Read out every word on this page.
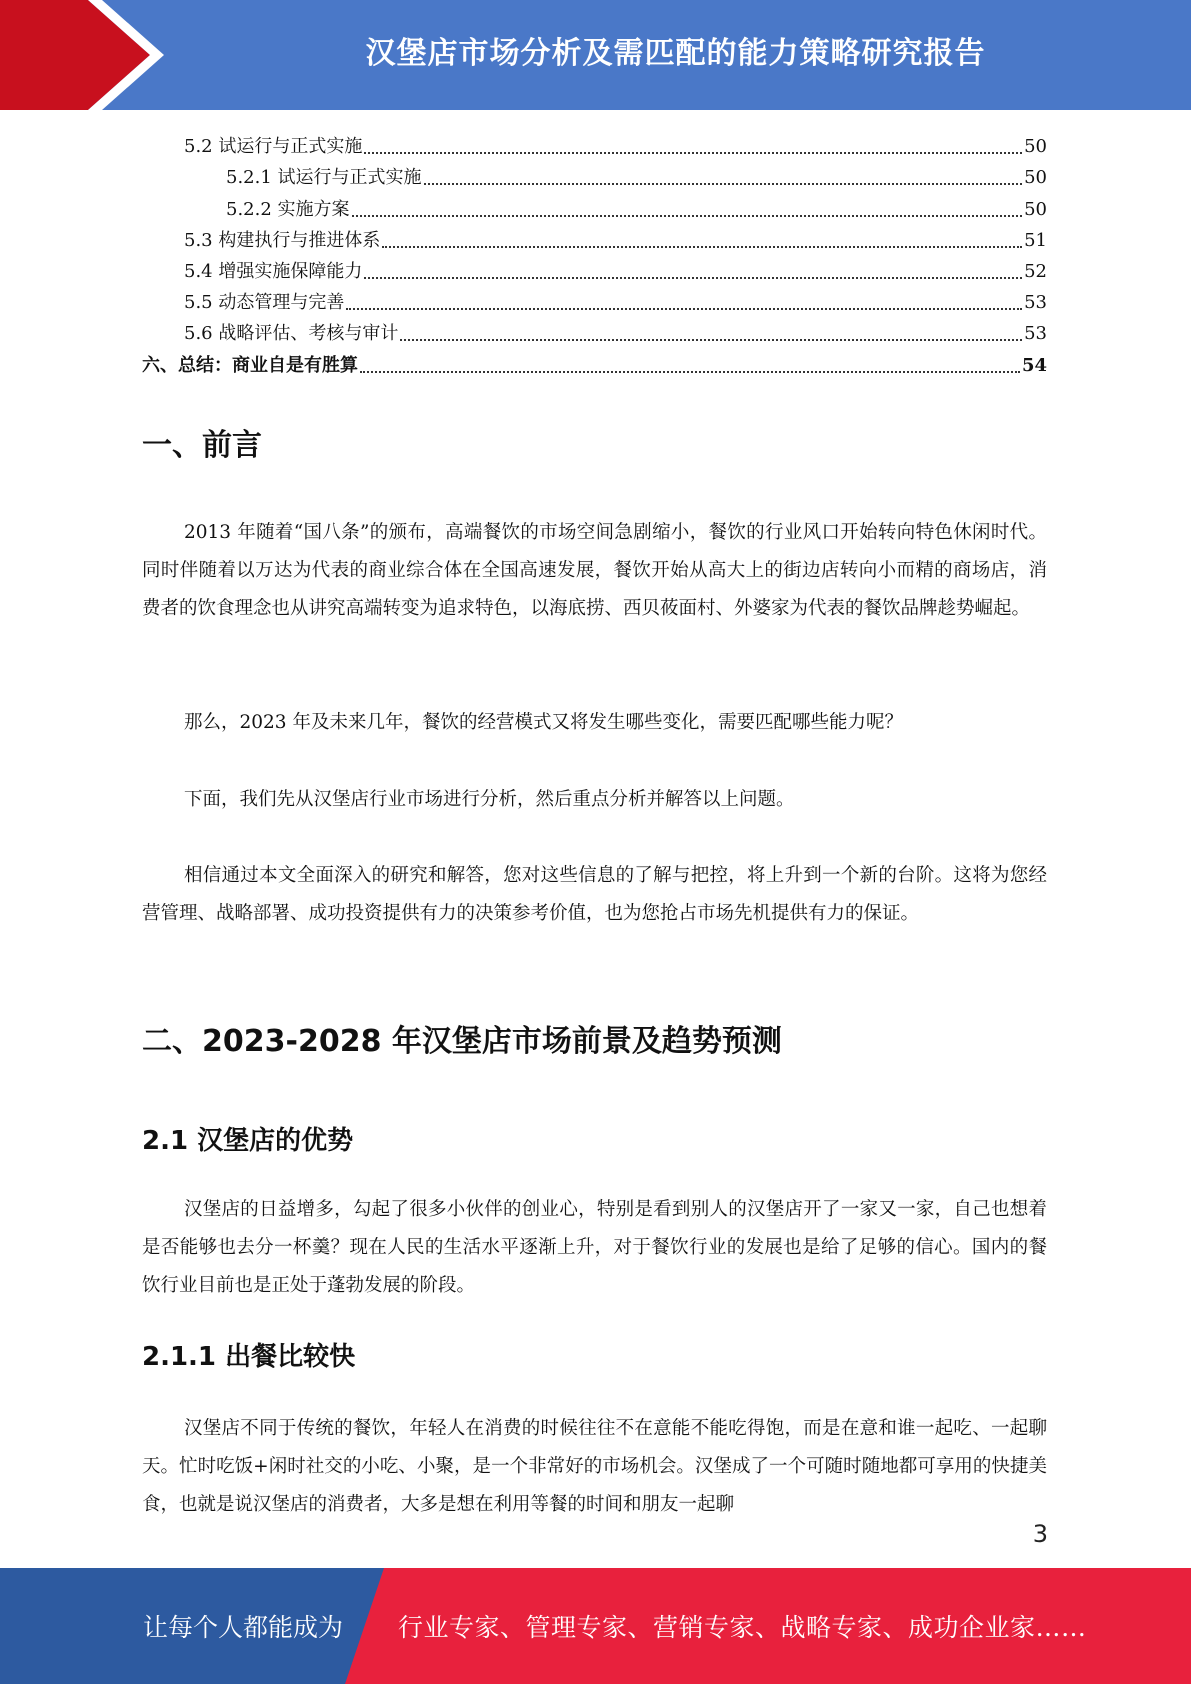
汉堡店市场分析及需匹配的能力策略研究报告
5.2 试运行与正式实施	50
5.2.1 试运行与正式实施	50
5.2.2 实施方案	50
5.3 构建执行与推进体系	51
5.4 增强实施保障能力	52
5.5 动态管理与完善	53
5.6 战略评估、考核与审计	53
六、总结：商业自是有胜算	54
一、前言

2013 年随着“国八条”的颁布，高端餐饮的市场空间急剧缩小，餐饮的行业风口开始转向特色休闲时代。同时伴随着以万达为代表的商业综合体在全国高速发展，餐饮开始从高大上的街边店转向小而精的商场店，消费者的饮食理念也从讲究高端转变为追求特色，以海底捞、西贝莜面村、外婆家为代表的餐饮品牌趁势崛起。

那么，2023 年及未来几年，餐饮的经营模式又将发生哪些变化，需要匹配哪些能力呢？

下面，我们先从汉堡店行业市场进行分析，然后重点分析并解答以上问题。

相信通过本文全面深入的研究和解答，您对这些信息的了解与把控，将上升到一个新的台阶。这将为您经营管理、战略部署、成功投资提供有力的决策参考价值，也为您抢占市场先机提供有力的保证。

二、2023-2028 年汉堡店市场前景及趋势预测
2.1 汉堡店的优势

汉堡店的日益增多，勾起了很多小伙伴的创业心，特别是看到别人的汉堡店开了一家又一家，自己也想着是否能够也去分一杯羹？现在人民的生活水平逐渐上升，对于餐饮行业的发展也是给了足够的信心。国内的餐饮行业目前也是正处于蓬勃发展的阶段。

2.1.1 出餐比较快

汉堡店不同于传统的餐饮，年轻人在消费的时候往往不在意能不能吃得饱，而是在意和谁一起吃、一起聊天。忙时吃饭+闲时社交的小吃、小聚，是一个非常好的市场机会。汉堡成了一个可随时随地都可享用的快捷美食，也就是说汉堡店的消费者，大多是想在利用等餐的时间和朋友一起聊

3
让每个人都能成为 行业专家、管理专家、营销专家、战略专家、成功企业家……
